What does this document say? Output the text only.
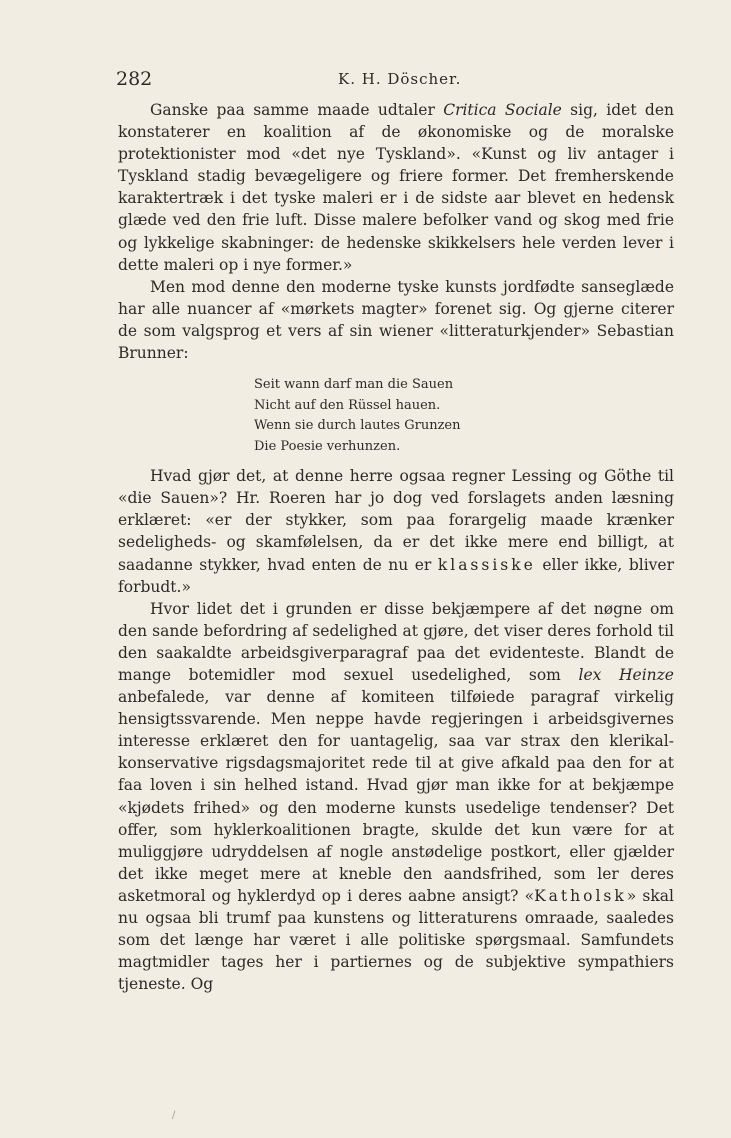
282	K. H. Döscher.

Ganske paa samme maade udtaler Critica Sociale sig, idet den konstaterer en koalition af de økonomiske og de moralske protektionister mod «det nye Tyskland». «Kunst og liv antager i Tyskland stadig bevægeligere og friere former. Det fremherskende karaktertræk i det tyske maleri er i de sidste aar blevet en hedensk glæde ved den frie luft. Disse malere befolker vand og skog med frie og lykkelige skabninger: de hedenske skikkelsers hele verden lever i dette maleri op i nye former.»

Men mod denne den moderne tyske kunsts jordfødte sanseglæde har alle nuancer af «mørkets magter» forenet sig. Og gjerne citerer de som valgsprog et vers af sin wiener «litteraturkjender» Sebastian Brunner:

Seit wann darf man die Sauen
Nicht auf den Rüssel hauen.
Wenn sie durch lautes Grunzen
Die Poesie verhunzen.

Hvad gjør det, at denne herre ogsaa regner Lessing og Göthe til «die Sauen»? Hr. Roeren har jo dog ved forslagets anden læsning erklæret: «er der stykker, som paa forargelig maade krænker sedeligheds- og skamfølelsen, da er det ikke mere end billigt, at saadanne stykker, hvad enten de nu er klassiske eller ikke, bliver forbudt.»

Hvor lidet det i grunden er disse bekjæmpere af det nøgne om den sande befordring af sedelighed at gjøre, det viser deres forhold til den saakaldte arbeidsgiverparagraf paa det evidenteste. Blandt de mange botemidler mod sexuel usedelighed, som lex Heinze anbefalede, var denne af komiteen tilføiede paragraf virkelig hensigtssvarende. Men neppe havde regjeringen i arbeidsgivernes interesse erklæret den for uantagelig, saa var strax den klerikal-konservative rigsdagsmajoritet rede til at give afkald paa den for at faa loven i sin helhed istand. Hvad gjør man ikke for at bekjæmpe «kjødets frihed» og den moderne kunsts usedelige tendenser? Det offer, som hyklerkoalitionen bragte, skulde det kun være for at muliggjøre udryddelsen af nogle anstødelige postkort, eller gjælder det ikke meget mere at kneble den aandsfrihed, som ler deres asketmoral og hyklerdyd op i deres aabne ansigt? «Katholsk» skal nu ogsaa bli trumf paa kunstens og litteraturens omraade, saaledes som det længe har været i alle politiske spørgsmaal. Samfundets magtmidler tages her i partiernes og de subjektive sympathiers tjeneste. Og

/
